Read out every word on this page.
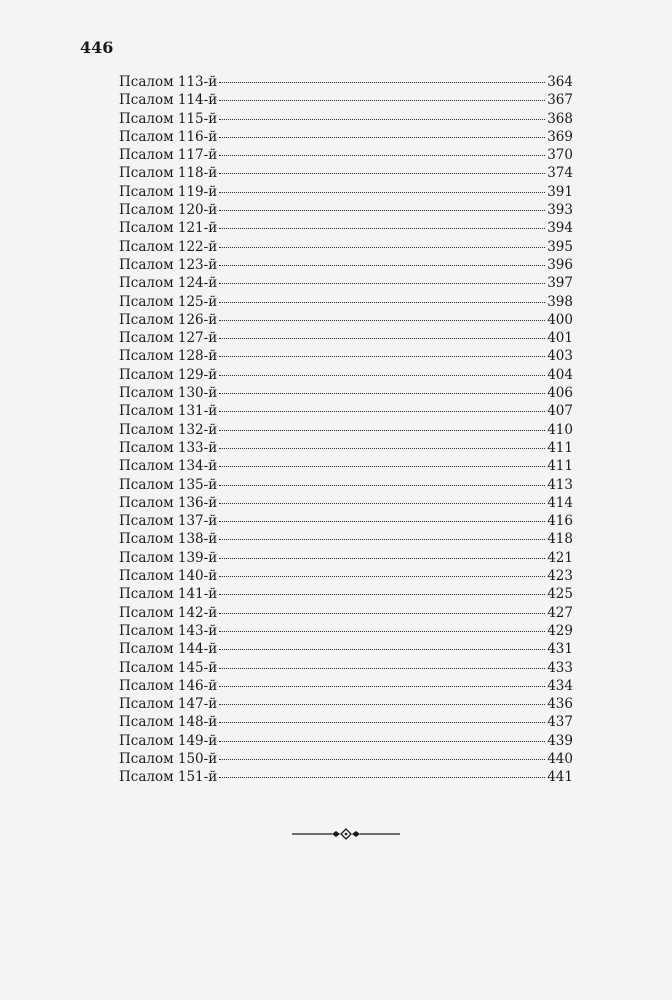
446
Псалом 113-й	364
Псалом 114-й	367
Псалом 115-й	368
Псалом 116-й	369
Псалом 117-й	370
Псалом 118-й	374
Псалом 119-й	391
Псалом 120-й	393
Псалом 121-й	394
Псалом 122-й	395
Псалом 123-й	396
Псалом 124-й	397
Псалом 125-й	398
Псалом 126-й	400
Псалом 127-й	401
Псалом 128-й	403
Псалом 129-й	404
Псалом 130-й	406
Псалом 131-й	407
Псалом 132-й	410
Псалом 133-й	411
Псалом 134-й	411
Псалом 135-й	413
Псалом 136-й	414
Псалом 137-й	416
Псалом 138-й	418
Псалом 139-й	421
Псалом 140-й	423
Псалом 141-й	425
Псалом 142-й	427
Псалом 143-й	429
Псалом 144-й	431
Псалом 145-й	433
Псалом 146-й	434
Псалом 147-й	436
Псалом 148-й	437
Псалом 149-й	439
Псалом 150-й	440
Псалом 151-й	441
